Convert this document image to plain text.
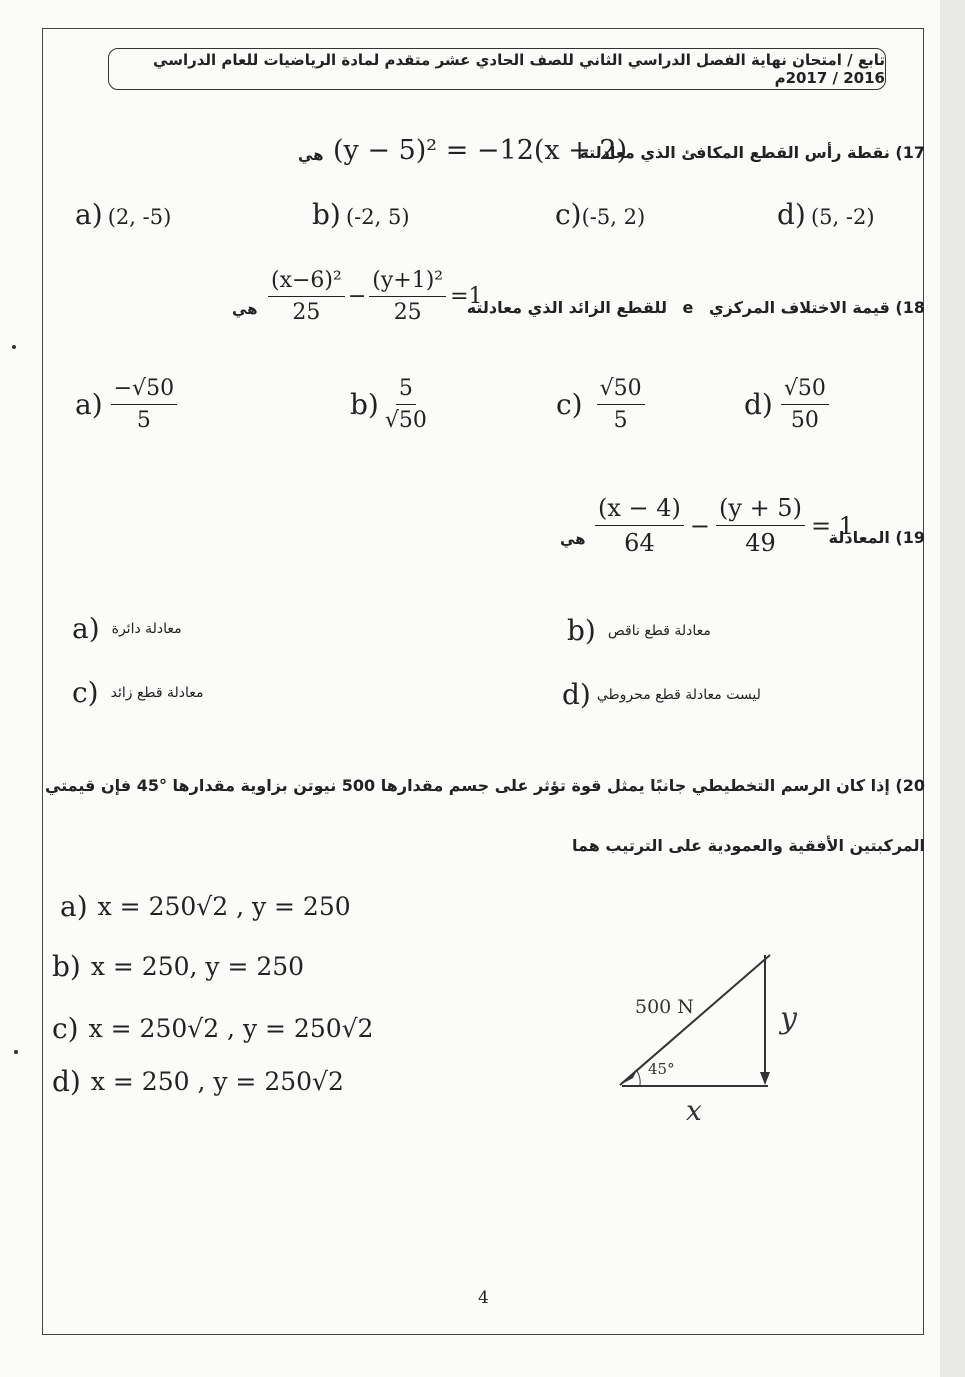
تابع / امتحان نهاية الفصل الدراسي الثاني للصف الحادي عشر متقدم لمادة الرياضيات للعام الدراسي 2016 / 2017م
17) نقطة رأس القطع المكافئ الذي معادلته
(y − 5)² = −12(x + 2)
هي
a) (2, -5)	b) (-2, 5)	c)(-5, 2)	d) (5, -2)
18) قيمة الاختلاف المركزي e للقطع الزائد الذي معادلته
$\frac{\text{(x−6)²}}{25} - \frac{\text{(y+1)²}}{25} =1$
هي
$a) \frac{-√50}{5}$	$b) \frac{5}{√50}$	$c) \frac{√50}{5}$	$d) \frac{√50}{50}$
19) المعادلة
$\frac{(x - 4)}{64} - \frac{(y + 5)}{49} = 1$
هي
a) معادلة دائرة	b) معادلة قطع ناقص
c) معادلة قطع زائد	d) ليست معادلة قطع محروطي
20) إذا كان الرسم التخطيطي جانبًا يمثل قوة تؤثر على جسم مقدارها 500 نيوتن بزاوية مقدارها °45 فإن قيمتي
المركبتين الأفقية والعمودية على الترتيب هما
a) x = 250√2 , y = 250
b) x = 250, y = 250
c) x = 250√2 , y = 250√2
d) x = 250 , y = 250√2
500 N
45°
y
x
4
